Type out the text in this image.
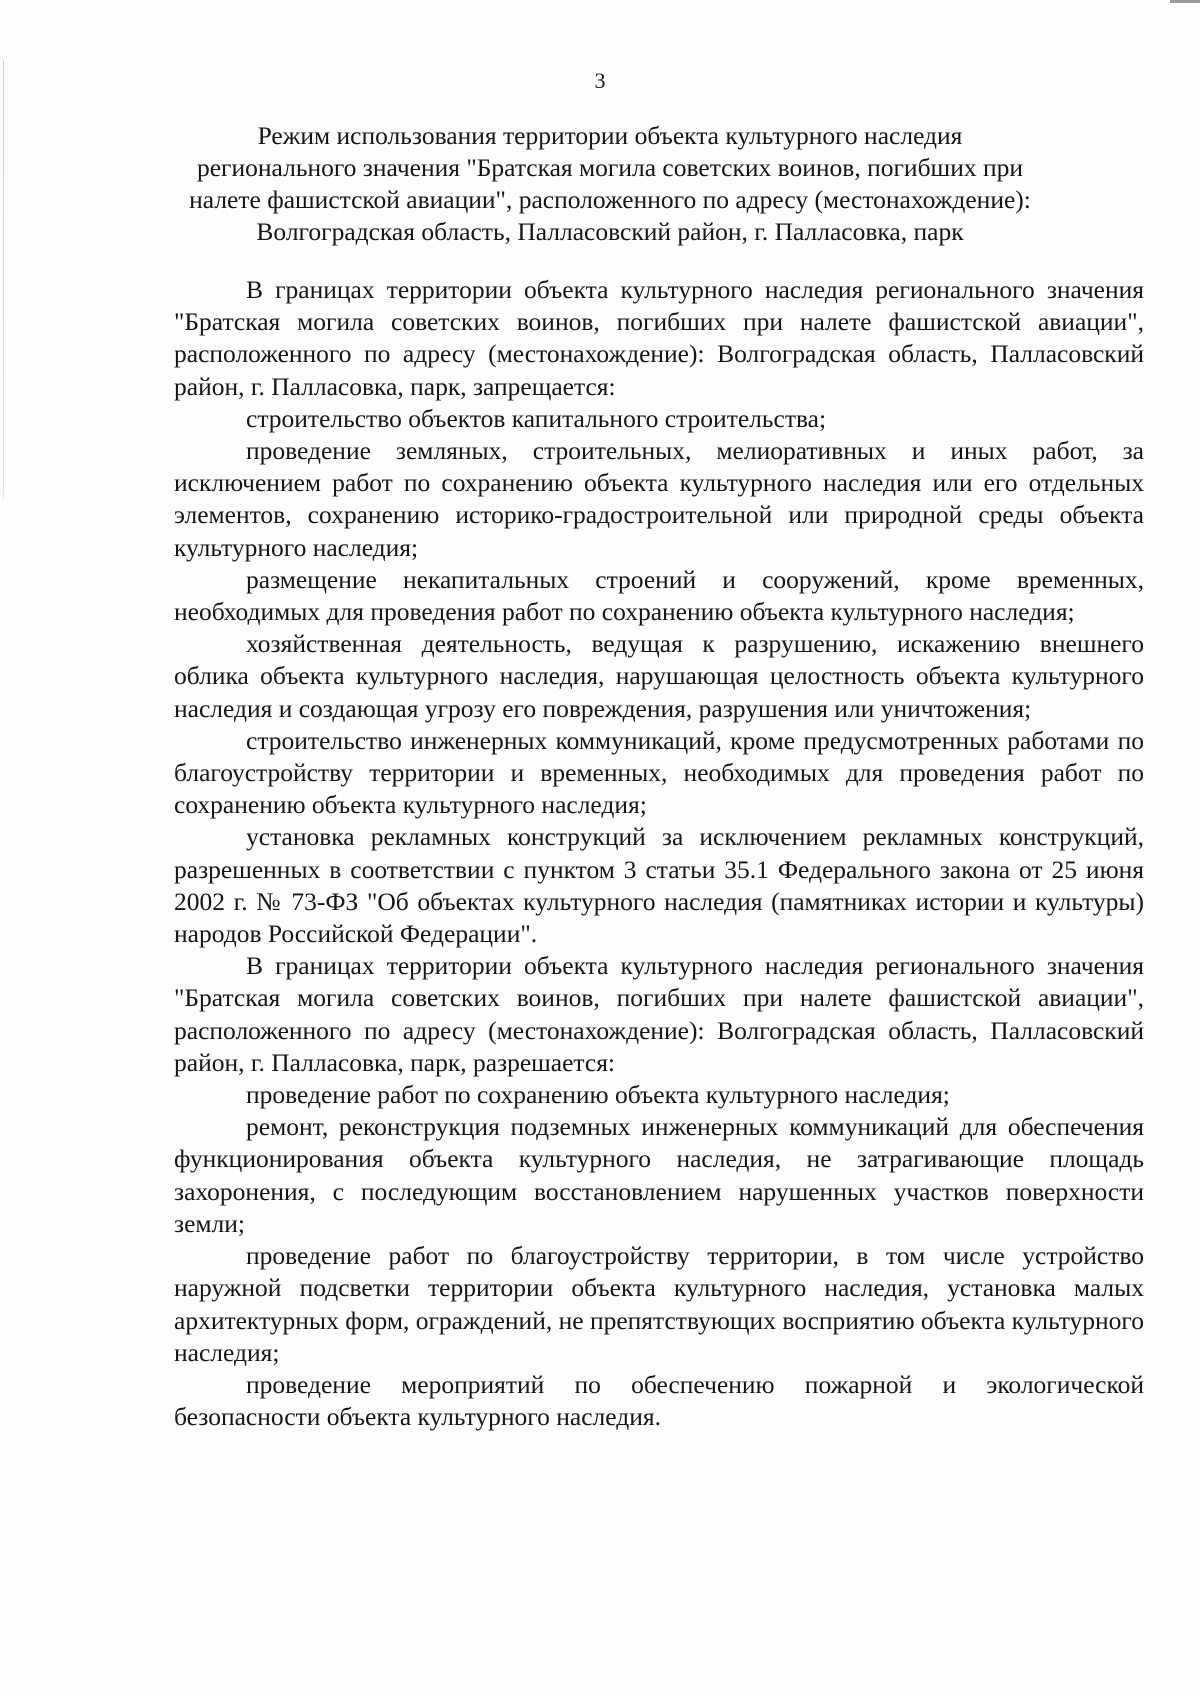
3
Режим использования территории объекта культурного наследия
регионального значения "Братская могила советских воинов, погибших при
налете фашистской авиации", расположенного по адресу (местонахождение):
Волгоградская область, Палласовский район, г. Палласовка, парк

В границах территории объекта культурного наследия регионального значения "Братская могила советских воинов, погибших при налете фашистской авиации", расположенного по адресу (местонахождение): Волгоградская область, Палласовский район, г. Палласовка, парк, запрещается:

строительство объектов капитального строительства;

проведение земляных, строительных, мелиоративных и иных работ, за исключением работ по сохранению объекта культурного наследия или его отдельных элементов, сохранению историко-градостроительной или природной среды объекта культурного наследия;

размещение некапитальных строений и сооружений, кроме временных, необходимых для проведения работ по сохранению объекта культурного наследия;

хозяйственная деятельность, ведущая к разрушению, искажению внешнего облика объекта культурного наследия, нарушающая целостность объекта культурного наследия и создающая угрозу его повреждения, разрушения или уничтожения;

строительство инженерных коммуникаций, кроме предусмотренных работами по благоустройству территории и временных, необходимых для проведения работ по сохранению объекта культурного наследия;

установка рекламных конструкций за исключением рекламных конструкций, разрешенных в соответствии с пунктом 3 статьи 35.1 Федерального закона от 25 июня 2002 г. № 73-ФЗ "Об объектах культурного наследия (памятниках истории и культуры) народов Российской Федерации".

В границах территории объекта культурного наследия регионального значения "Братская могила советских воинов, погибших при налете фашистской авиации", расположенного по адресу (местонахождение): Волгоградская область, Палласовский район, г. Палласовка, парк, разрешается:

проведение работ по сохранению объекта культурного наследия;

ремонт, реконструкция подземных инженерных коммуникаций для обеспечения функционирования объекта культурного наследия, не затрагивающие площадь захоронения, с последующим восстановлением нарушенных участков поверхности земли;

проведение работ по благоустройству территории, в том числе устройство наружной подсветки территории объекта культурного наследия, установка малых архитектурных форм, ограждений, не препятствующих восприятию объекта культурного наследия;

проведение мероприятий по обеспечению пожарной и экологической безопасности объекта культурного наследия.
